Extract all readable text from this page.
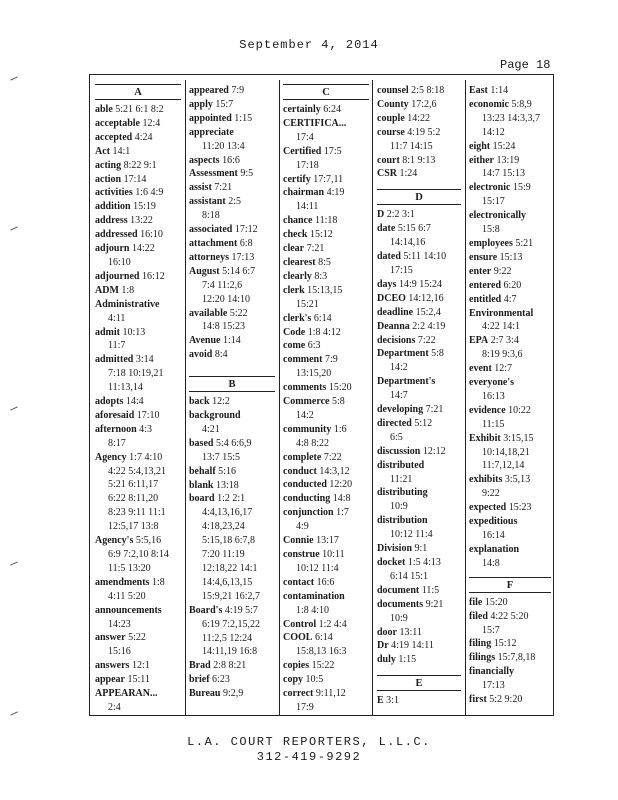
September 4, 2014
Page 18
A
able 5:21 6:1 8:2
acceptable 12:4
accepted 4:24
Act 14:1
acting 8:22 9:1
action 17:14
activities 1:6 4:9
addition 15:19
address 13:22
addressed 16:10
adjourn 14:22
16:10
adjourned 16:12
ADM 1:8
Administrative
4:11
admit 10:13
11:7
admitted 3:14
7:18 10:19,21
11:13,14
adopts 14:4
aforesaid 17:10
afternoon 4:3
8:17
Agency 1:7 4:10
4:22 5:4,13,21
5:21 6:11,17
6:22 8:11,20
8:23 9:11 11:1
12:5,17 13:8
Agency's 5:5,16
6:9 7:2,10 8:14
11:5 13:20
amendments 1:8
4:11 5:20
announcements
14:23
answer 5:22
15:16
answers 12:1
appear 15:11
APPEARAN...
2:4
appeared 7:9
apply 15:7
appointed 1:15
appreciate
11:20 13:4
aspects 16:6
Assessment 9:5
assist 7:21
assistant 2:5
8:18
associated 17:12
attachment 6:8
attorneys 17:13
August 5:14 6:7
7:4 11:2,6
12:20 14:10
available 5:22
14:8 15:23
Avenue 1:14
avoid 8:4
B
back 12:2
background
4:21
based 5:4 6:6,9
13:7 15:5
behalf 5:16
blank 13:18
board 1:2 2:1
4:4,13,16,17
4:18,23,24
5:15,18 6:7,8
7:20 11:19
12:18,22 14:1
14:4,6,13,15
15:9,21 16:2,7
Board's 4:19 5:7
6:19 7:2,15,22
11:2,5 12:24
14:11,19 16:8
Brad 2:8 8:21
brief 6:23
Bureau 9:2,9
C
certainly 6:24
CERTIFICA...
17:4
Certified 17:5
17:18
certify 17:7,11
chairman 4:19
14:11
chance 11:18
check 15:12
clear 7:21
clearest 8:5
clearly 8:3
clerk 15:13,15
15:21
clerk's 6:14
Code 1:8 4:12
come 6:3
comment 7:9
13:15,20
comments 15:20
Commerce 5:8
14:2
community 1:6
4:8 8:22
complete 7:22
conduct 14:3,12
conducted 12:20
conducting 14:8
conjunction 1:7
4:9
Connie 13:17
construe 10:11
10:12 11:4
contact 16:6
contamination
1:8 4:10
Control 1:2 4:4
COOL 6:14
15:8,13 16:3
copies 15:22
copy 10:5
correct 9:11,12
17:9
counsel 2:5 8:18
County 17:2,6
couple 14:22
course 4:19 5:2
11:7 14:15
court 8:1 9:13
CSR 1:24
D
D 2:2 3:1
date 5:15 6:7
14:14,16
dated 5:11 14:10
17:15
days 14:9 15:24
DCEO 14:12,16
deadline 15:2,4
Deanna 2:2 4:19
decisions 7:22
Department 5:8
14:2
Department's
14:7
developing 7:21
directed 5:12
6:5
discussion 12:12
distributed
11:21
distributing
10:9
distribution
10:12 11:4
Division 9:1
docket 1:5 4:13
6:14 15:1
document 11:5
documents 9:21
10:9
door 13:11
Dr 4:19 14:11
duly 1:15
E
E 3:1
East 1:14
economic 5:8,9
13:23 14:3,3,7
14:12
eight 15:24
either 13:19
14:7 15:13
electronic 15:9
15:17
electronically
15:8
employees 5:21
ensure 15:13
enter 9:22
entered 6:20
entitled 4:7
Environmental
4:22 14:1
EPA 2:7 3:4
8:19 9:3,6
event 12:7
everyone's
16:13
evidence 10:22
11:15
Exhibit 3:15,15
10:14,18,21
11:7,12,14
exhibits 3:5,13
9:22
expected 15:23
expeditious
16:14
explanation
14:8
F
file 15:20
filed 4:22 5:20
15:7
filing 15:12
filings 15:7,8,18
financially
17:13
first 5:2 9:20
L.A. COURT REPORTERS, L.L.C.
312-419-9292
